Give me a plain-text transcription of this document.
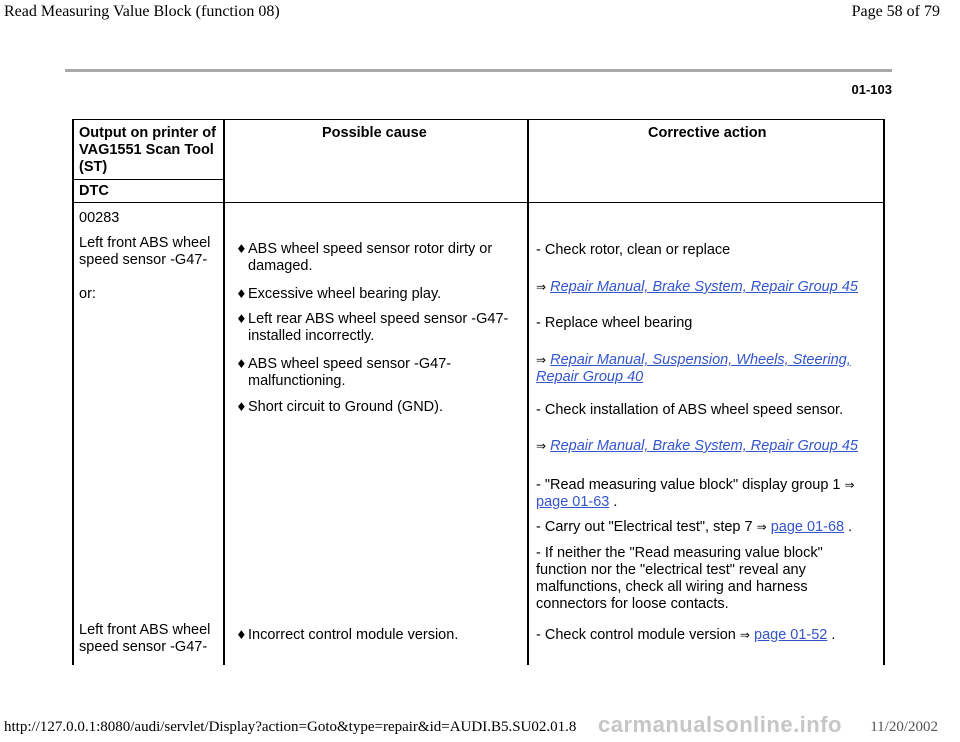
Read Measuring Value Block (function 08)	Page 58 of 79
01-103
Output on printer of
VAG1551 Scan Tool
(ST)
DTC
Possible cause	Corrective action
00283
Left front ABS wheel
speed sensor -G47-
or:
Left front ABS wheel
speed sensor -G47-
♦ABS wheel speed sensor rotor dirty or
damaged.
♦Excessive wheel bearing play.
♦Left rear ABS wheel speed sensor -G47-
installed incorrectly.
♦ABS wheel speed sensor -G47-
malfunctioning.
♦Short circuit to Ground (GND).
♦Incorrect control module version.
- Check rotor, clean or replace
⇒ Repair Manual, Brake System, Repair Group 45
- Replace wheel bearing
⇒ Repair Manual, Suspension, Wheels, Steering,
Repair Group 40
- Check installation of ABS wheel speed sensor.
⇒ Repair Manual, Brake System, Repair Group 45
- "Read measuring value block" display group 1 ⇒
page 01-63 .
- Carry out "Electrical test", step 7 ⇒ page 01-68 .
- If neither the "Read measuring value block"
function nor the "electrical test" reveal any
malfunctions, check all wiring and harness
connectors for loose contacts.
- Check control module version ⇒ page 01-52 .
http://127.0.0.1:8080/audi/servlet/Display?action=Goto&type=repair&id=AUDI.B5.SU02.01.8 carmanualsonline.info 11/20/2002
